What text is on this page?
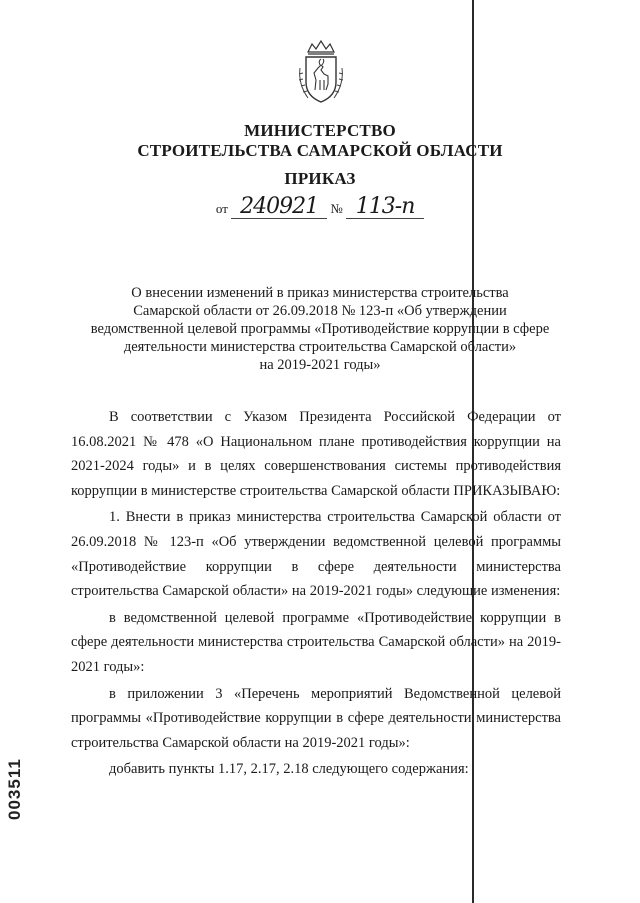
МИНИСТЕРСТВО
СТРОИТЕЛЬСТВА САМАРСКОЙ ОБЛАСТИ
ПРИКАЗ
от 240921 № 113-п
О внесении изменений в приказ министерства строительства
Самарской области от 26.09.2018 № 123-п «Об утверждении
ведомственной целевой программы «Противодействие коррупции в сфере
деятельности министерства строительства Самарской области»
на 2019-2021 годы»

В соответствии с Указом Президента Российской Федерации от 16.08.2021 № 478 «О Национальном плане противодействия коррупции на 2021-2024 годы» и в целях совершенствования системы противодействия коррупции в министерстве строительства Самарской области ПРИКАЗЫВАЮ:

1. Внести в приказ министерства строительства Самарской области от 26.09.2018 № 123-п «Об утверждении ведомственной целевой программы «Противодействие коррупции в сфере деятельности министерства строительства Самарской области» на 2019-2021 годы» следующие изменения:

в ведомственной целевой программе «Противодействие коррупции в сфере деятельности министерства строительства Самарской области» на 2019-2021 годы»:

в приложении 3 «Перечень мероприятий Ведомственной целевой программы «Противодействие коррупции в сфере деятельности министерства строительства Самарской области на 2019-2021 годы»:

добавить пункты 1.17, 2.17, 2.18 следующего содержания:

003511
